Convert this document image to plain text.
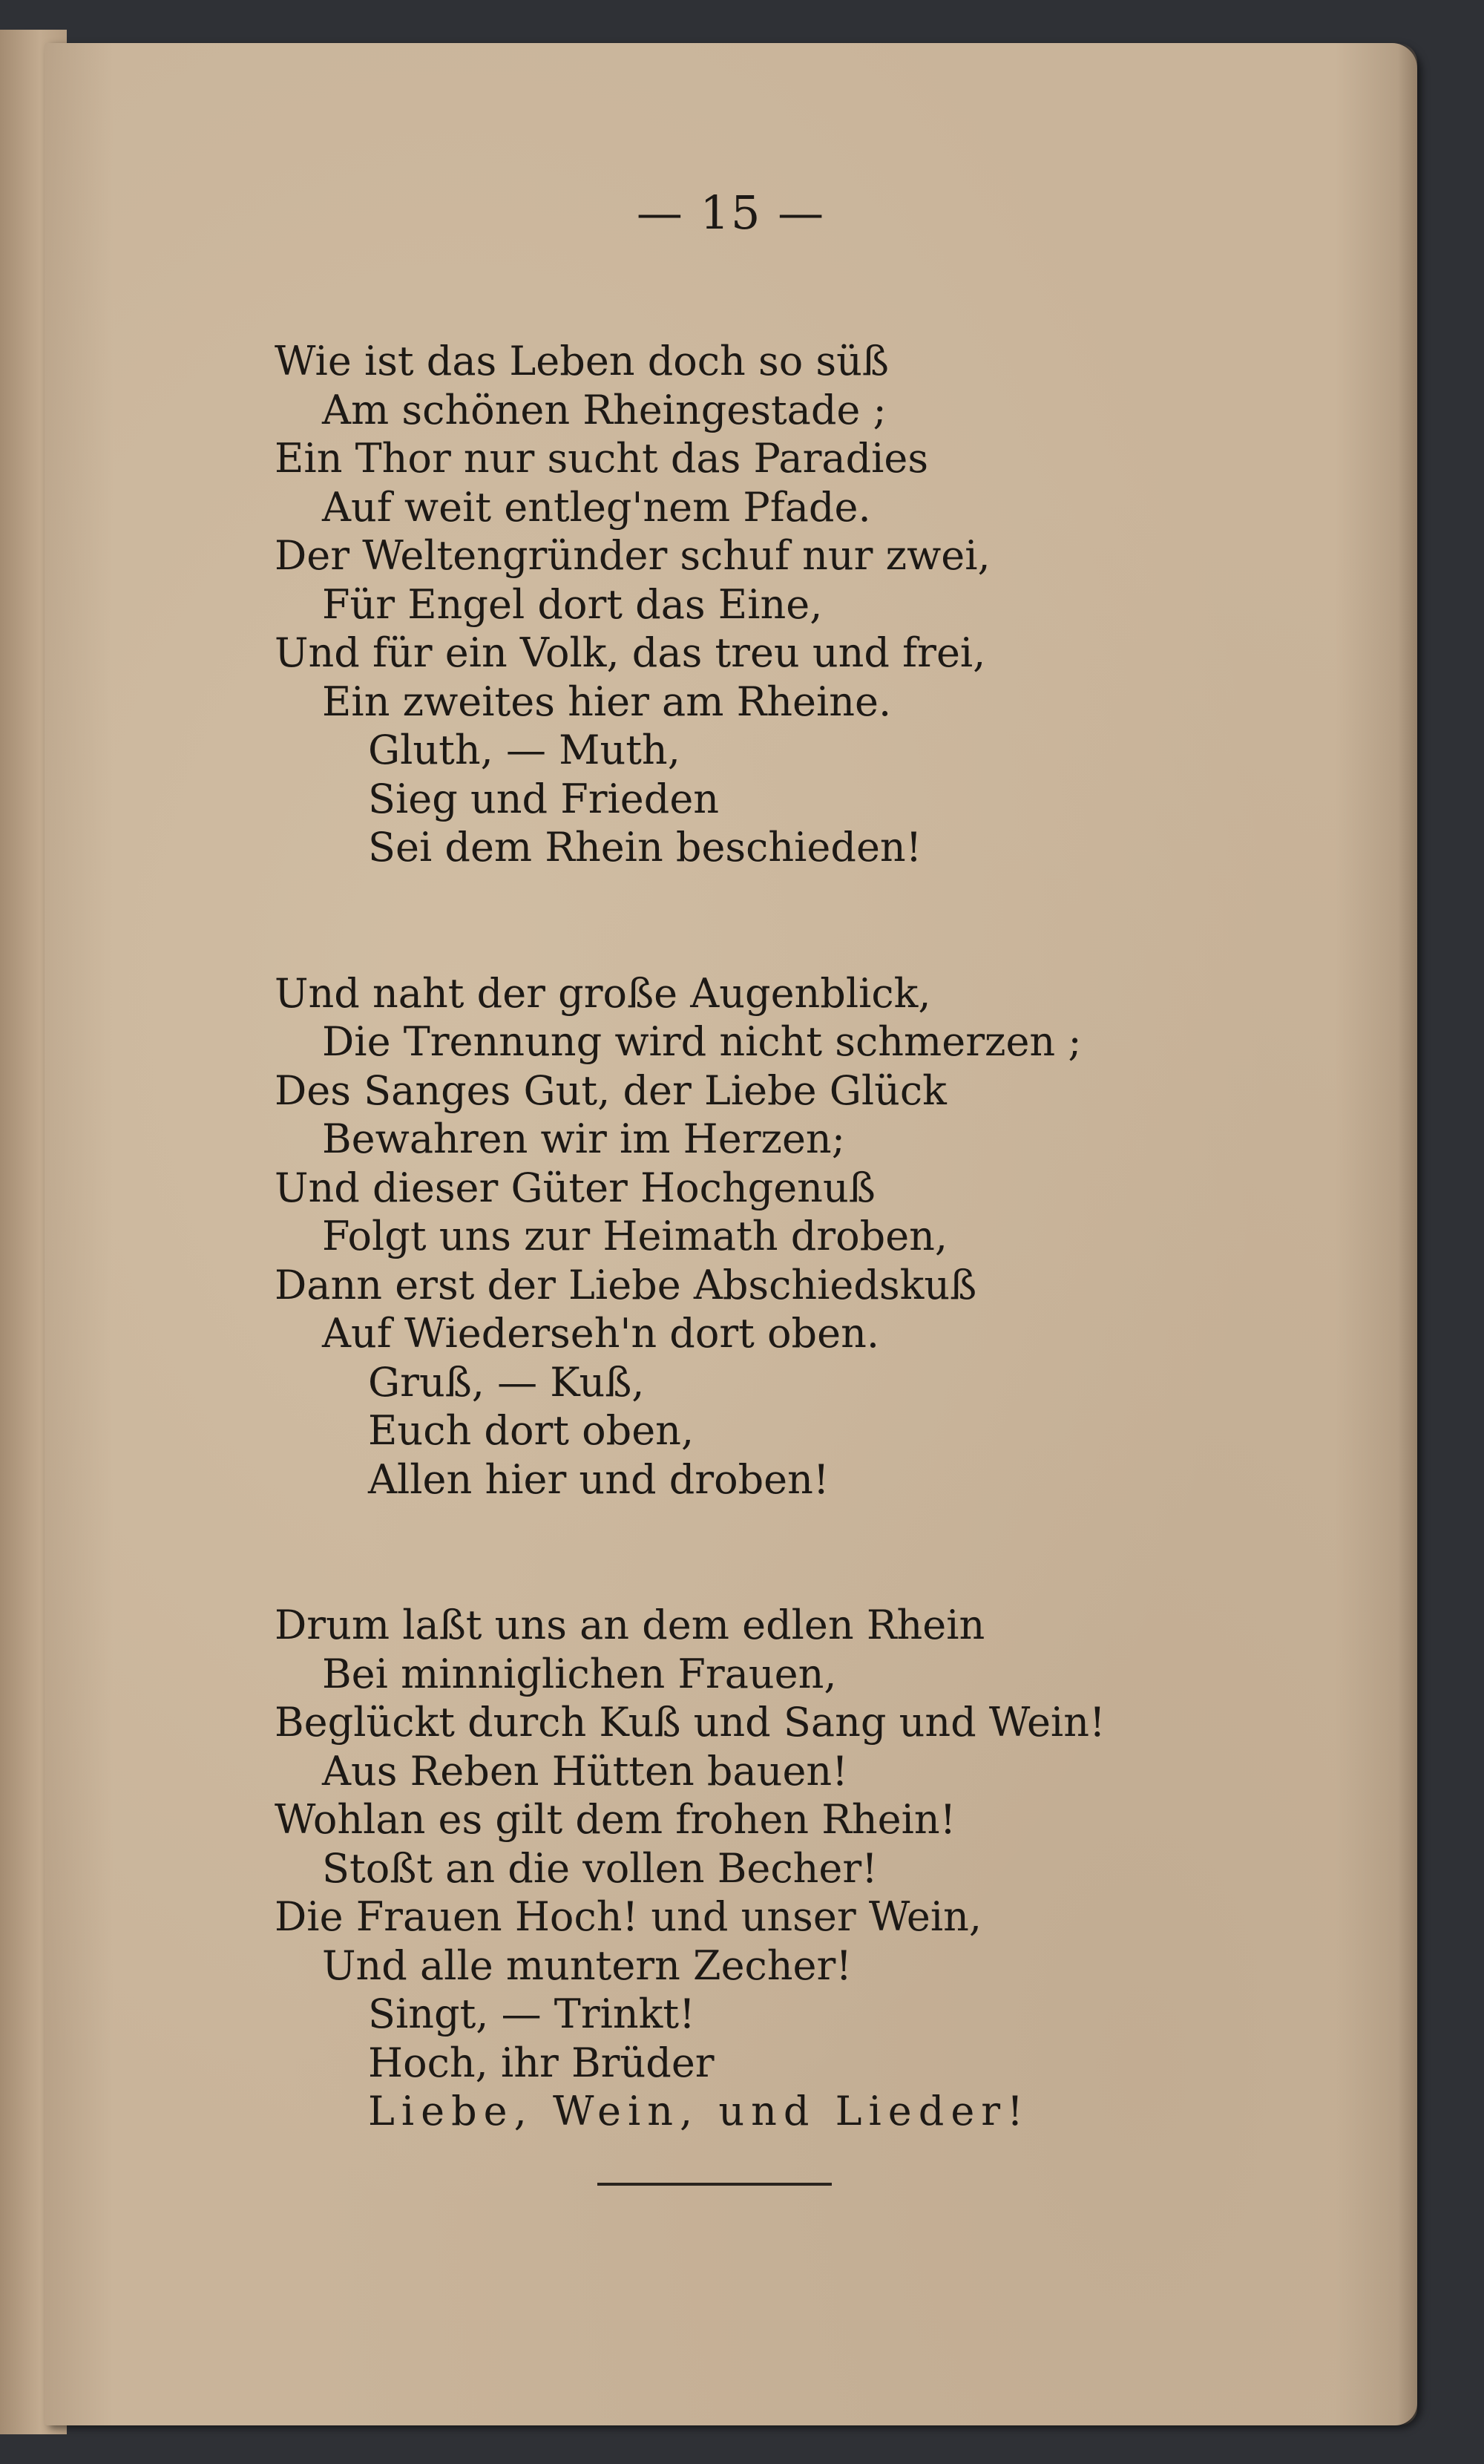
— 15 —
Wie ist das Leben doch so süß
Am schönen Rheingestade ;
Ein Thor nur sucht das Paradies
Auf weit entleg'nem Pfade.
Der Weltengründer schuf nur zwei,
Für Engel dort das Eine,
Und für ein Volk, das treu und frei,
Ein zweites hier am Rheine.
Gluth, — Muth,
Sieg und Frieden
Sei dem Rhein beschieden!
Und naht der große Augenblick,
Die Trennung wird nicht schmerzen ;
Des Sanges Gut, der Liebe Glück
Bewahren wir im Herzen;
Und dieser Güter Hochgenuß
Folgt uns zur Heimath droben,
Dann erst der Liebe Abschiedskuß
Auf Wiederseh'n dort oben.
Gruß, — Kuß,
Euch dort oben,
Allen hier und droben!
Drum laßt uns an dem edlen Rhein
Bei minniglichen Frauen,
Beglückt durch Kuß und Sang und Wein!
Aus Reben Hütten bauen!
Wohlan es gilt dem frohen Rhein!
Stoßt an die vollen Becher!
Die Frauen Hoch! und unser Wein,
Und alle muntern Zecher!
Singt, — Trinkt!
Hoch, ihr Brüder
Liebe, Wein, und Lieder!
